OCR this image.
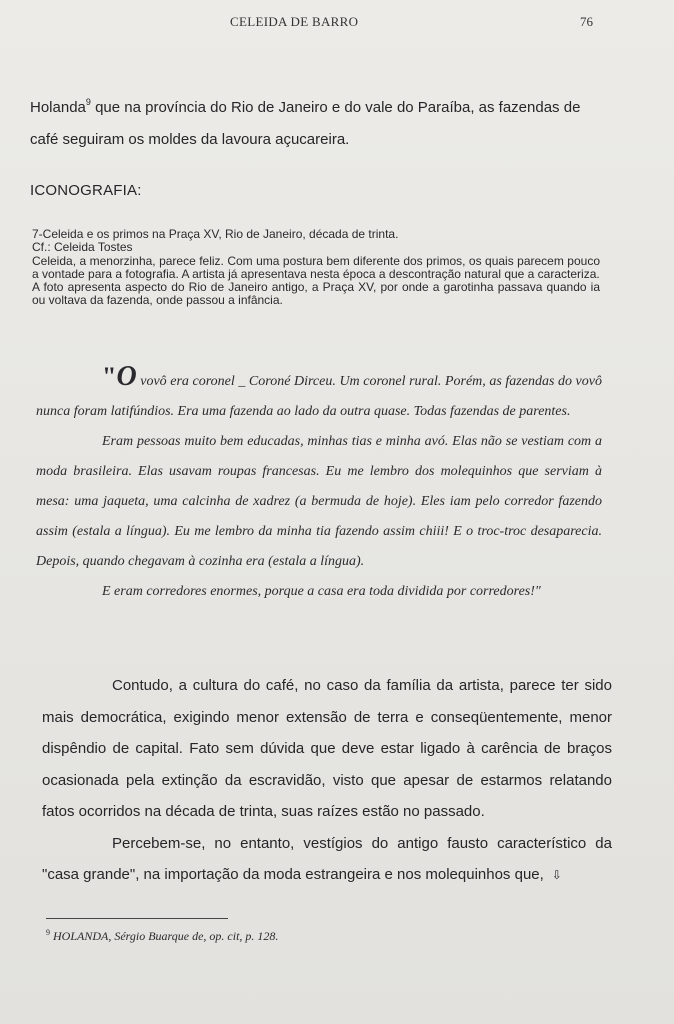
CELEIDA DE BARRO	76
Holanda$^9$ que na província do Rio de Janeiro e do vale do Paraíba, as fazendas de café seguiram os moldes da lavoura açucareira.
ICONOGRAFIA:

7-Celeida e os primos na Praça XV, Rio de Janeiro, década de trinta.

Cf.: Celeida Tostes

Celeida, a menorzinha, parece feliz. Com uma postura bem diferente dos primos, os quais parecem pouco a vontade para a fotografia. A artista já apresentava nesta época a descontração natural que a caracteriza.

A foto apresenta aspecto do Rio de Janeiro antigo, a Praça XV, por onde a garotinha passava quando ia ou voltava da fazenda, onde passou a infância.

"O vovô era coronel _ Coroné Dirceu. Um coronel rural. Porém, as fazendas do vovô nunca foram latifúndios. Era uma fazenda ao lado da outra quase. Todas fazendas de parentes.

Eram pessoas muito bem educadas, minhas tias e minha avó. Elas não se vestiam com a moda brasileira. Elas usavam roupas francesas. Eu me lembro dos molequinhos que serviam à mesa: uma jaqueta, uma calcinha de xadrez (a bermuda de hoje). Eles iam pelo corredor fazendo assim (estala a língua). Eu me lembro da minha tia fazendo assim chiii! E o troc-troc desaparecia. Depois, quando chegavam à cozinha era (estala a língua).

E eram corredores enormes, porque a casa era toda dividida por corredores!"

Contudo, a cultura do café, no caso da família da artista, parece ter sido mais democrática, exigindo menor extensão de terra e conseqüentemente, menor dispêndio de capital. Fato sem dúvida que deve estar ligado à carência de braços ocasionada pela extinção da escravidão, visto que apesar de estarmos relatando fatos ocorridos na década de trinta, suas raízes estão no passado.

Percebem-se, no entanto, vestígios do antigo fausto característico da "casa grande", na importação da moda estrangeira e nos molequinhos que, ⇩

$^9$ HOLANDA, Sérgio Buarque de, op. cit, p. 128.
